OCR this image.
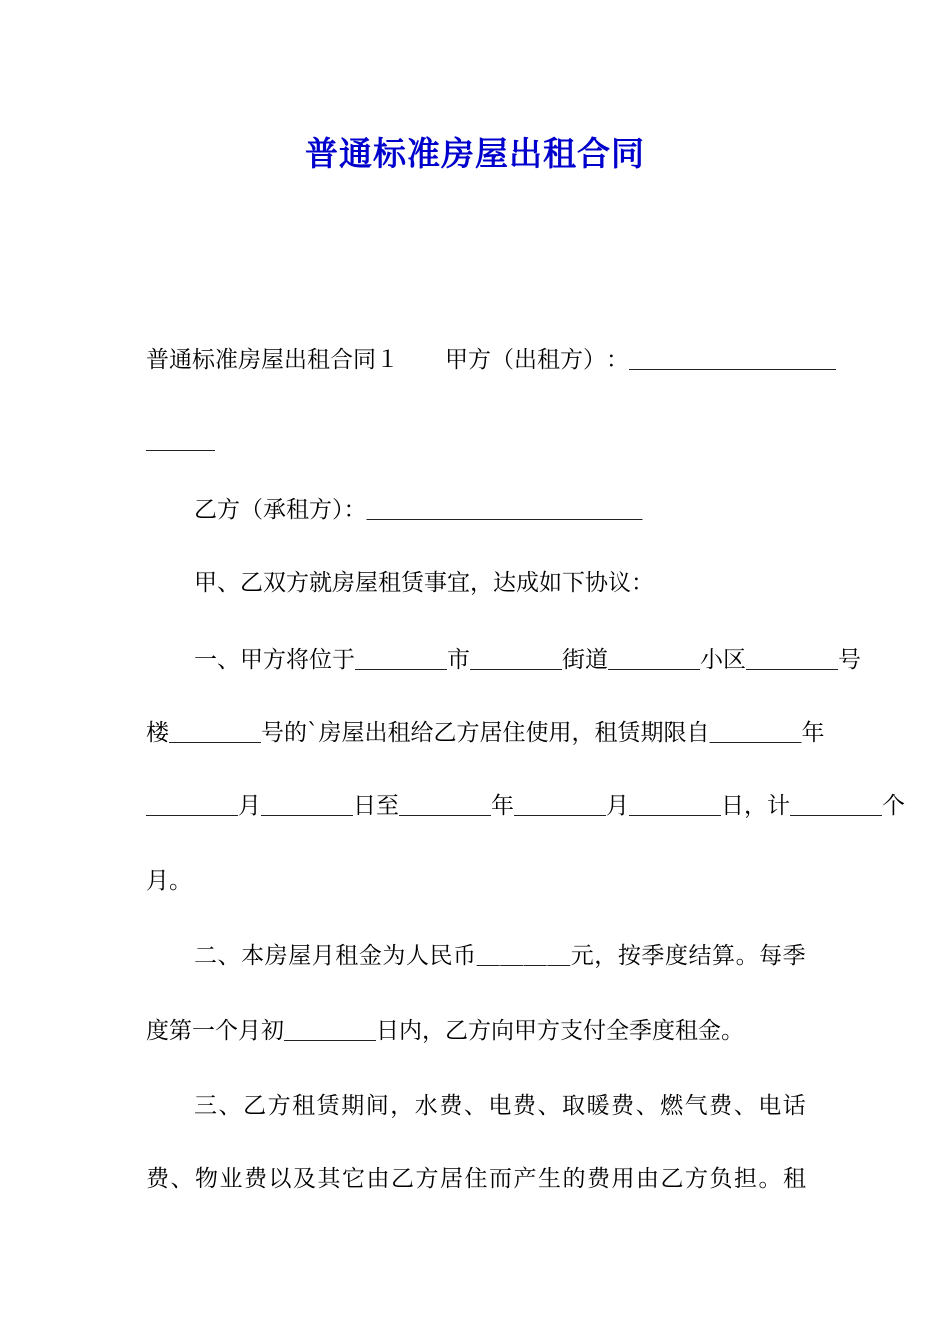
普通标准房屋出租合同

普 通 标 准 房 屋 出 租 合 同 １

　 甲 方 （ 出 租 方 ） ： ＿ ＿ ＿ ＿ ＿ ＿ ＿ ＿ ＿

＿＿＿

乙方（承租方）：＿＿＿＿＿＿＿＿＿＿＿＿

甲、乙双方就房屋租赁事宜，达成如下协议：

一 、 甲 方 将 位 于 ＿ ＿ ＿ ＿ 市 ＿ ＿ ＿ ＿ 街 道 ＿ ＿ ＿ ＿ 小 区 ＿ ＿ ＿ ＿ 号

楼 ＿ ＿ ＿ ＿ 号 的 ` 房 屋 出 租 给 乙 方 居 住 使 用 ， 租 赁 期 限 自 ＿ ＿ ＿ ＿ 年

＿ ＿ ＿ ＿ 月 ＿ ＿ ＿ ＿ 日 至 ＿ ＿ ＿ ＿ 年 ＿ ＿ ＿ ＿ 月 ＿ ＿ ＿ ＿ 日 ， 计 ＿ ＿ ＿ ＿ 个

月。

二 、 本 房 屋 月 租 金 为 人 民 币 ＿ ＿ ＿ ＿ 元 ， 按 季 度 结 算 。 每 季

度第一个月初＿＿＿＿日内，乙方向甲方支付全季度租金。

三 、 乙 方 租 赁 期 间 ， 水 费 、 电 费 、 取 暖 费 、 燃 气 费 、 电 话

费 、 物 业 费 以 及 其 它 由 乙 方 居 住 而 产 生 的 费 用 由 乙 方 负 担 。 租
